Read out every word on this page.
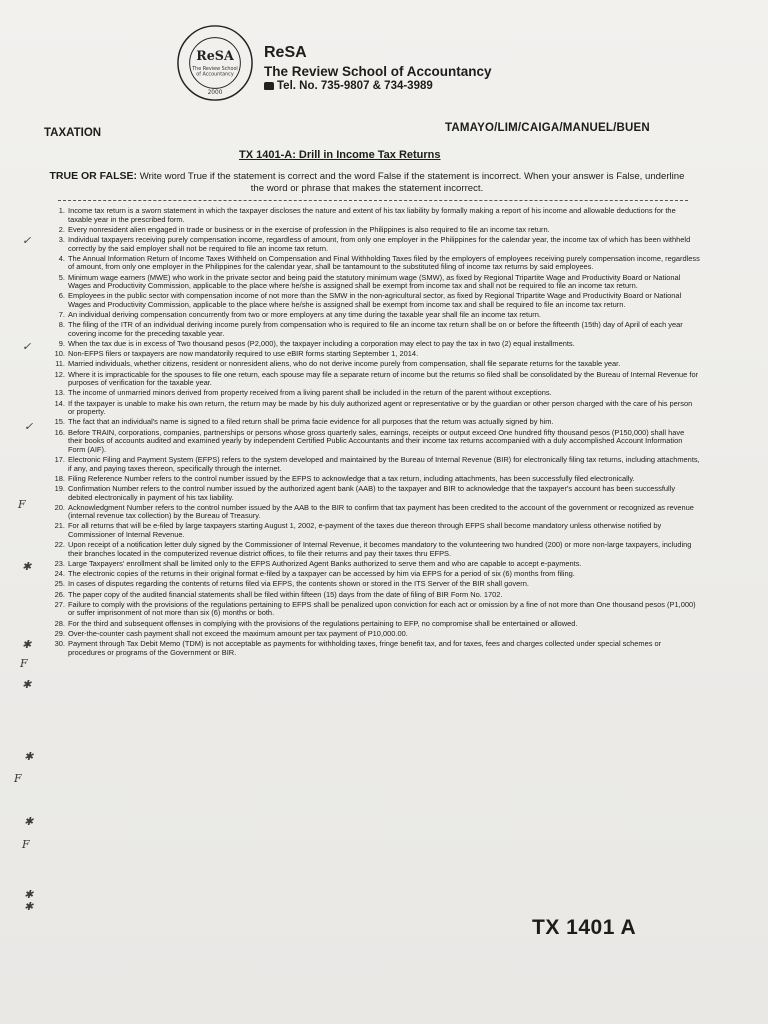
ReSA
The Review School
of Accountancy
2000
ReSA
The Review School of Accountancy
Tel. No. 735-9807 & 734-3989
TAXATION	TAMAYO/LIM/CAIGA/MANUEL/BUEN
TX 1401-A: Drill in Income Tax Returns
TRUE OR FALSE: Write word True if the statement is correct and the word False if the statement is incorrect. When your answer is False, underline the word or phrase that makes the statement incorrect.
1. Income tax return is a sworn statement in which the taxpayer discloses the nature and extent of his tax liability by formally making a report of his income and allowable deductions for the taxable year in the prescribed form.
2. Every nonresident alien engaged in trade or business or in the exercise of profession in the Philippines is also required to file an income tax return.
3. Individual taxpayers receiving purely compensation income, regardless of amount, from only one employer in the Philippines for the calendar year, the income tax of which has been withheld correctly by the said employer shall not be required to file an income tax return.
4. The Annual Information Return of Income Taxes Withheld on Compensation and Final Withholding Taxes filed by the employers of employees receiving purely compensation income, regardless of amount, from only one employer in the Philippines for the calendar year, shall be tantamount to the substituted filing of income tax returns by said employees.
5. Minimum wage earners (MWE) who work in the private sector and being paid the statutory minimum wage (SMW), as fixed by Regional Tripartite Wage and Productivity Board or National Wages and Productivity Commission, applicable to the place where he/she is assigned shall be exempt from income tax and shall not be required to file an income tax return.
6. Employees in the public sector with compensation income of not more than the SMW in the non-agricultural sector, as fixed by Regional Tripartite Wage and Productivity Board or National Wages and Productivity Commission, applicable to the place where he/she is assigned shall be exempt from income tax and shall be required to file an income tax return.
7. An individual deriving compensation concurrently from two or more employers at any time during the taxable year shall file an income tax return.
8. The filing of the ITR of an individual deriving income purely from compensation who is required to file an income tax return shall be on or before the fifteenth (15th) day of April of each year covering income for the preceding taxable year.
9. When the tax due is in excess of Two thousand pesos (P2,000), the taxpayer including a corporation may elect to pay the tax in two (2) equal installments.
10. Non-EFPS filers or taxpayers are now mandatorily required to use eBIR forms starting September 1, 2014.
11. Married individuals, whether citizens, resident or nonresident aliens, who do not derive income purely from compensation, shall file separate returns for the taxable year.
12. Where it is impracticable for the spouses to file one return, each spouse may file a separate return of income but the returns so filed shall be consolidated by the Bureau of Internal Revenue for purposes of verification for the taxable year.
13. The income of unmarried minors derived from property received from a living parent shall be included in the return of the parent without exceptions.
14. If the taxpayer is unable to make his own return, the return may be made by his duly authorized agent or representative or by the guardian or other person charged with the care of his person or property.
15. The fact that an individual's name is signed to a filed return shall be prima facie evidence for all purposes that the return was actually signed by him.
16. Before TRAIN, corporations, companies, partnerships or persons whose gross quarterly sales, earnings, receipts or output exceed One hundred fifty thousand pesos (P150,000) shall have their books of accounts audited and examined yearly by independent Certified Public Accountants and their income tax returns accompanied with a duly accomplished Account Information Form (AIF).
17. Electronic Filing and Payment System (EFPS) refers to the system developed and maintained by the Bureau of Internal Revenue (BIR) for electronically filing tax returns, including attachments, if any, and paying taxes thereon, specifically through the internet.
18. Filing Reference Number refers to the control number issued by the EFPS to acknowledge that a tax return, including attachments, has been successfully filed electronically.
19. Confirmation Number refers to the control number issued by the authorized agent bank (AAB) to the taxpayer and BIR to acknowledge that the taxpayer's account has been successfully debited electronically in payment of his tax liability.
20. Acknowledgment Number refers to the control number issued by the AAB to the BIR to confirm that tax payment has been credited to the account of the government or recognized as revenue (internal revenue tax collection) by the Bureau of Treasury.
21. For all returns that will be e-filed by large taxpayers starting August 1, 2002, e-payment of the taxes due thereon through EFPS shall become mandatory unless otherwise notified by Commissioner of Internal Revenue.
22. Upon receipt of a notification letter duly signed by the Commissioner of Internal Revenue, it becomes mandatory to the volunteering two hundred (200) or more non-large taxpayers, including their branches located in the computerized revenue district offices, to file their returns and pay their taxes thru EFPS.
23. Large Taxpayers' enrollment shall be limited only to the EFPS Authorized Agent Banks authorized to serve them and who are capable to accept e-payments.
24. The electronic copies of the returns in their original format e-filed by a taxpayer can be accessed by him via EFPS for a period of six (6) months from filing.
25. In cases of disputes regarding the contents of returns filed via EFPS, the contents shown or stored in the ITS Server of the BIR shall govern.
26. The paper copy of the audited financial statements shall be filed within fifteen (15) days from the date of filing of BIR Form No. 1702.
27. Failure to comply with the provisions of the regulations pertaining to EFPS shall be penalized upon conviction for each act or omission by a fine of not more than One thousand pesos (P1,000) or suffer imprisonment of not more than six (6) months or both.
28. For the third and subsequent offenses in complying with the provisions of the regulations pertaining to EFP, no compromise shall be entertained or allowed.
29. Over-the-counter cash payment shall not exceed the maximum amount per tax payment of P10,000.00.
30. Payment through Tax Debit Memo (TDM) is not acceptable as payments for withholding taxes, fringe benefit tax, and for taxes, fees and charges collected under special schemes or procedures or programs of the Government or BIR.
✓
✓
✓
F
✱
✱
F
✱
✱
F
✱
F
✱
✱
TX 1401 A
